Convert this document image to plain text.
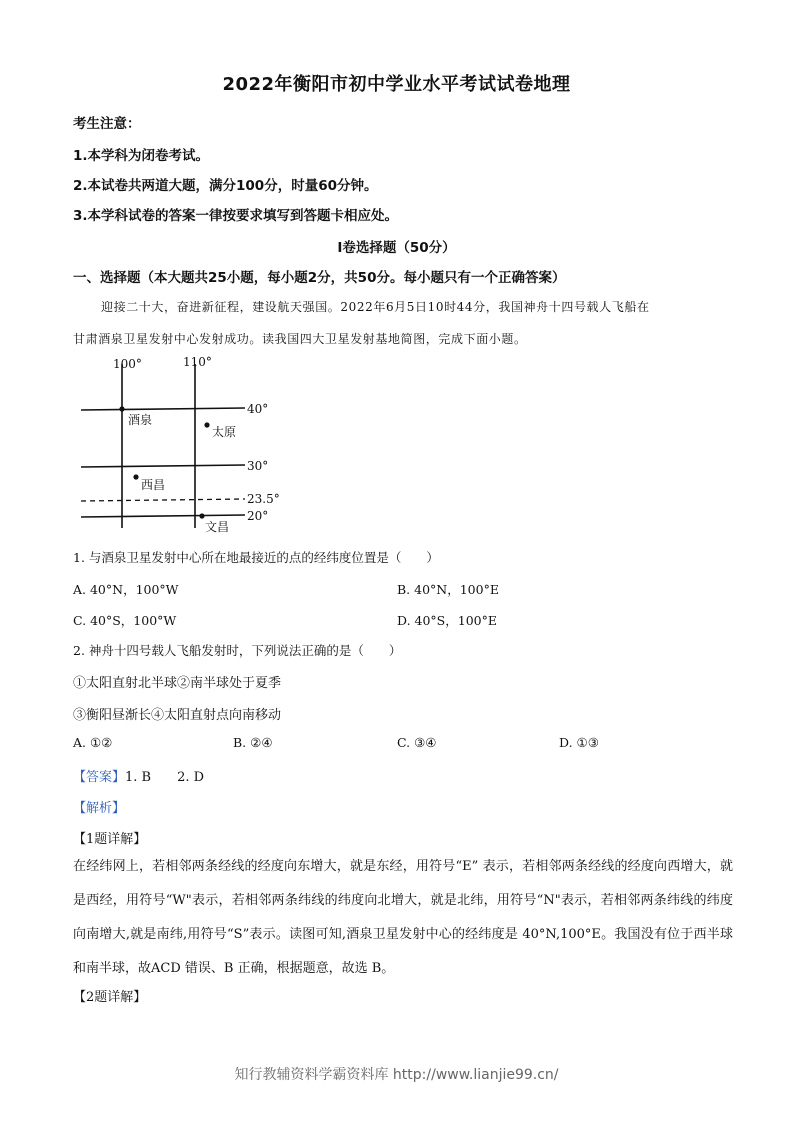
2022年衡阳市初中学业水平考试试卷地理
考生注意：
1.本学科为闭卷考试。
2.本试卷共两道大题，满分100分，时量60分钟。
3.本学科试卷的答案一律按要求填写到答题卡相应处。
Ⅰ卷选择题（50分）
一、选择题（本大题共25小题，每小题2分，共50分。每小题只有一个正确答案）
迎接二十大，奋进新征程，建设航天强国。2022年6月5日10时44分，我国神舟十四号载人飞船在
甘肃酒泉卫星发射中心发射成功。读我国四大卫星发射基地简图，完成下面小题。
100°	110°
40°
30°
23.5°
20°
酒泉
太原
西昌
文昌
1. 与酒泉卫星发射中心所在地最接近的点的经纬度位置是（　　）
A. 40°N，100°W	B. 40°N，100°E
C. 40°S，100°W	D. 40°S，100°E
2. 神舟十四号载人飞船发射时，下列说法正确的是（　　）
①太阳直射北半球②南半球处于夏季
③衡阳昼渐长④太阳直射点向南移动
A. ①②	B. ②④	C. ③④	D. ①③
【答案】1. B　　2. D
【解析】
【1题详解】
在经纬网上，若相邻两条经线的经度向东增大，就是东经，用符号“E” 表示，若相邻两条经线的经度向西增大，就是西经，用符号“W"表示，若相邻两条纬线的纬度向北增大，就是北纬，用符号“N"表示，若相邻两条纬线的纬度向南增大,就是南纬,用符号“S”表示。读图可知,酒泉卫星发射中心的经纬度是 40°N,100°E。我国没有位于西半球和南半球，故ACD 错误、B 正确，根据题意，故选 B。
【2题详解】
知行教辅资料学霸资料库 http://www.lianjie99.cn/
